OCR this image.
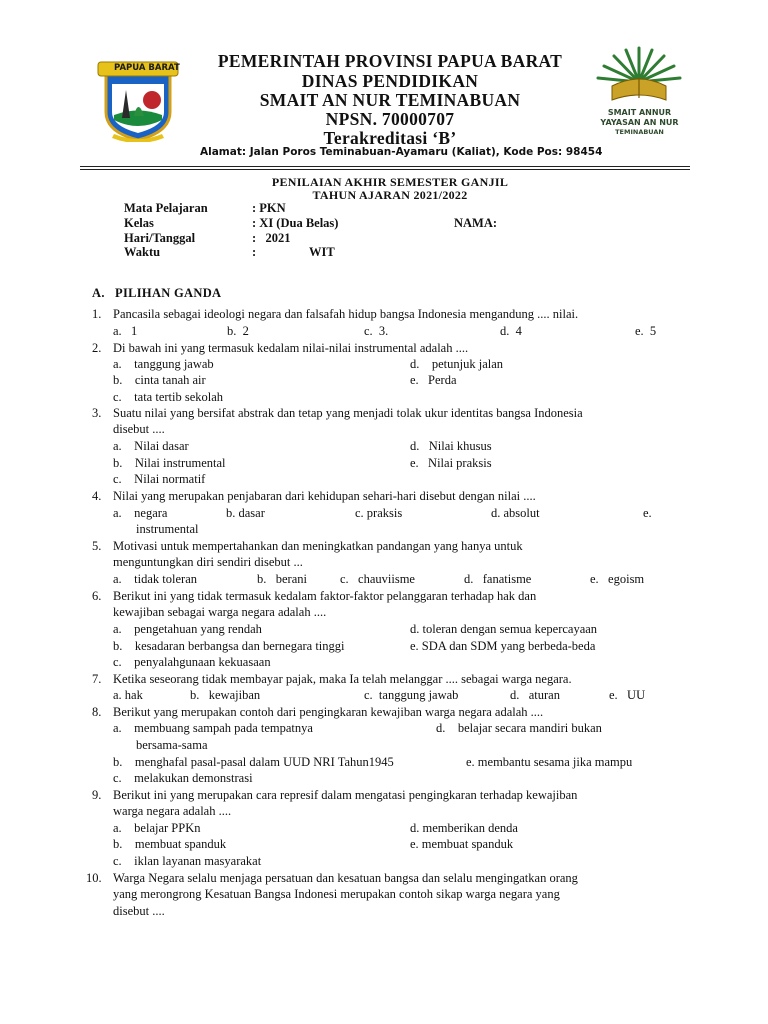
PAPUA BARAT
SMAIT ANNUR
YAYASAN AN NUR
TEMINABUAN
PEMERINTAH PROVINSI PAPUA BARAT
DINAS PENDIDIKAN
SMAIT AN NUR TEMINABUAN
NPSN. 70000707
Terakreditasi ‘B’
Alamat: Jalan Poros Teminabuan-Ayamaru (Kaliat), Kode Pos: 98454
PENILAIAN AKHIR SEMESTER GANJIL
TAHUN AJARAN 2021/2022
Mata Pelajaran	: PKN
Kelas	: XI (Dua Belas)	NAMA:
Hari/Tanggal	:   2021
Waktu	:	WIT
A.   PILIHAN GANDA
1. Pancasila sebagai ideologi negara dan falsafah hidup bangsa Indonesia mengandung .... nilai.
a.   1	b.  2	c.  3.	d.  4	e.  5
2. Di bawah ini yang termasuk kedalam nilai-nilai instrumental adalah ....
a.    tanggung jawab	d.    petunjuk jalan
b.    cinta tanah air	e.   Perda
c.    tata tertib sekolah
3. Suatu nilai yang bersifat abstrak dan tetap yang menjadi tolak ukur identitas bangsa Indonesia
disebut ....
a.    Nilai dasar	d.   Nilai khusus
b.    Nilai instrumental	e.   Nilai praksis
c.    Nilai normatif
4. Nilai yang merupakan penjabaran dari kehidupan sehari-hari disebut dengan nilai ....
a.    negara	b. dasar	c. praksis	d. absolut	e.
instrumental
5. Motivasi untuk mempertahankan dan meningkatkan pandangan yang hanya untuk
menguntungkan diri sendiri disebut ...
a.    tidak toleran	b.   berani	c.   chauviisme	d.   fanatisme	e.   egoism
6. Berikut ini yang tidak termasuk kedalam faktor-faktor pelanggaran terhadap hak dan
kewajiban sebagai warga negara adalah ....
a.    pengetahuan yang rendah	d. toleran dengan semua kepercayaan
b.    kesadaran berbangsa dan bernegara tinggi	e. SDA dan SDM yang berbeda-beda
c.    penyalahgunaan kekuasaan
7. Ketika seseorang tidak membayar pajak, maka Ia telah melanggar .... sebagai warga negara.
a. hak	b.   kewajiban	c.  tanggung jawab	d.   aturan	e.   UU
8. Berikut yang merupakan contoh dari pengingkaran kewajiban warga negara adalah ....
a.    membuang sampah pada tempatnya	d.    belajar secara mandiri bukan
bersama-sama
b.    menghafal pasal-pasal dalam UUD NRI Tahun1945	e. membantu sesama jika mampu
c.    melakukan demonstrasi
9. Berikut ini yang merupakan cara represif dalam mengatasi pengingkaran terhadap kewajiban
warga negara adalah ....
a.    belajar PPKn	d. memberikan denda
b.    membuat spanduk	e. membuat spanduk
c.    iklan layanan masyarakat
10. Warga Negara selalu menjaga persatuan dan kesatuan bangsa dan selalu mengingatkan orang
yang merongrong Kesatuan Bangsa Indonesi merupakan contoh sikap warga negara yang
disebut ....
